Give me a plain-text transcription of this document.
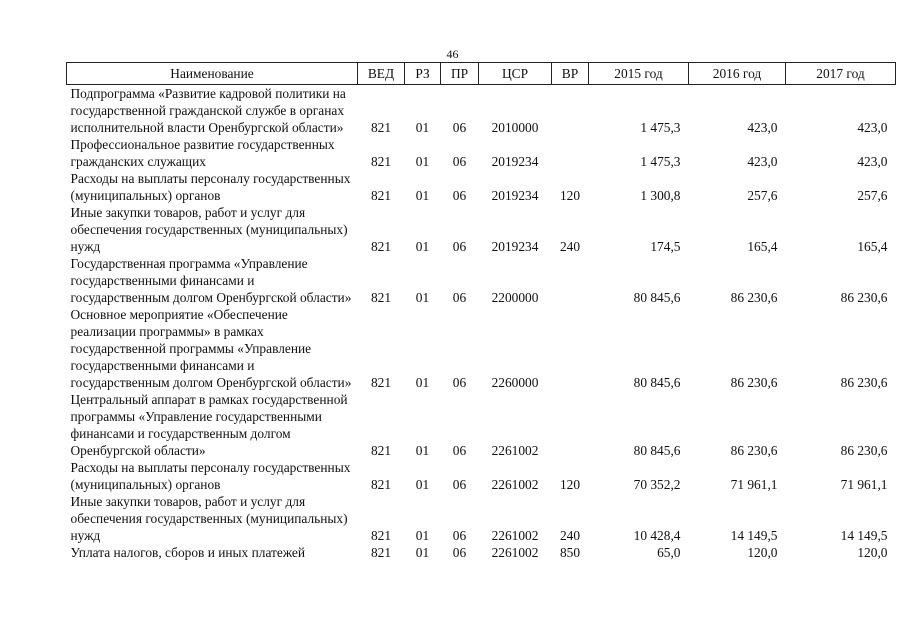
46
Наименование	ВЕД	РЗ	ПР	ЦСР	ВР	2015 год	2016 год	2017 год
Подпрограмма «Развитие кадровой политики на государственной гражданской службе в органах исполнительной власти Оренбургской области»	821	01	06	2010000		1 475,3	423,0	423,0
Профессиональное развитие государственных гражданских служащих	821	01	06	2019234		1 475,3	423,0	423,0
Расходы на выплаты персоналу государственных (муниципальных) органов	821	01	06	2019234	120	1 300,8	257,6	257,6
Иные закупки товаров, работ и услуг для обеспечения государственных (муниципальных) нужд	821	01	06	2019234	240	174,5	165,4	165,4
Государственная программа «Управление государственными финансами и государственным долгом Оренбургской области»	821	01	06	2200000		80 845,6	86 230,6	86 230,6
Основное мероприятие «Обеспечение реализации программы» в рамках государственной программы «Управление государственными финансами и государственным долгом Оренбургской области»	821	01	06	2260000		80 845,6	86 230,6	86 230,6
Центральный аппарат в рамках государственной программы «Управление государственными финансами и государственным долгом Оренбургской области»	821	01	06	2261002		80 845,6	86 230,6	86 230,6
Расходы на выплаты персоналу государственных (муниципальных) органов	821	01	06	2261002	120	70 352,2	71 961,1	71 961,1
Иные закупки товаров, работ и услуг для обеспечения государственных (муниципальных) нужд	821	01	06	2261002	240	10 428,4	14 149,5	14 149,5
Уплата налогов, сборов и иных платежей	821	01	06	2261002	850	65,0	120,0	120,0
